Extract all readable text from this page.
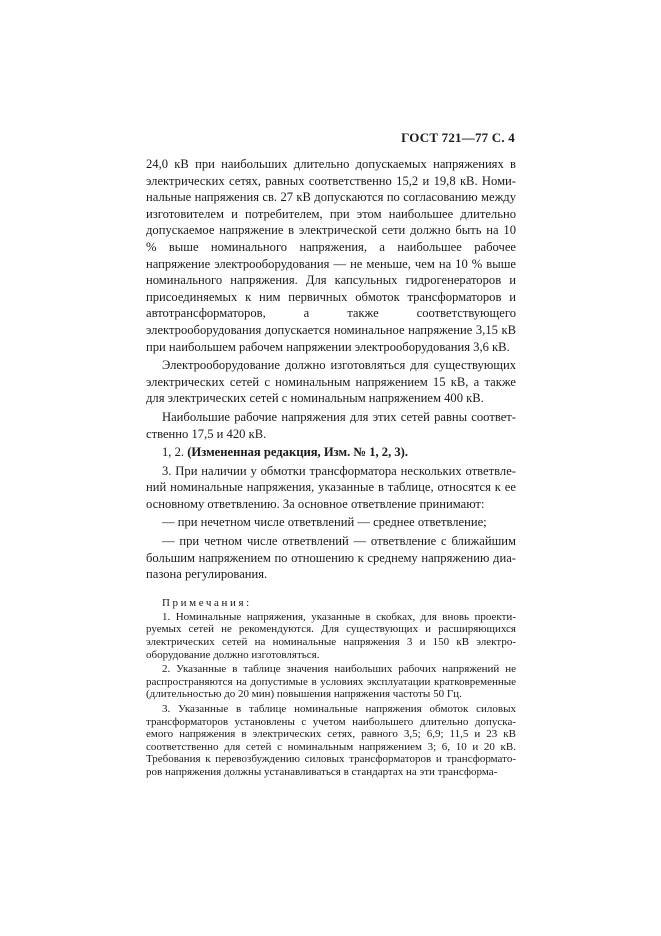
ГОСТ 721—77 С. 4

24,0 кВ при наибольших длительно допускаемых напряжениях в электрических сетях, равных соответственно 15,2 и 19,8 кВ. Номинальные напряжения св. 27 кВ допускаются по согласованию между изготовителем и потребителем, при этом наибольшее длительно допускаемое напряжение в электрической сети должно быть на 10 % выше номинального напряжения, а наибольшее рабочее напряжение электрооборудования — не меньше, чем на 10 % выше номинального напряжения. Для капсульных гидрогенераторов и присоединяемых к ним первичных обмоток трансформаторов и автотрансформаторов, а также соответствующего электрооборудования допускается номинальное напряжение 3,15 кВ при наибольшем рабочем напряжении электрооборудования 3,6 кВ.

Электрооборудование должно изготовляться для существующих электрических сетей с номинальным напряжением 15 кВ, а также для электрических сетей с номинальным напряжением 400 кВ.

Наибольшие рабочие напряжения для этих сетей равны соответственно 17,5 и 420 кВ.

1, 2. (Измененная редакция, Изм. № 1, 2, 3).

3. При наличии у обмотки трансформатора нескольких ответвлений номинальные напряжения, указанные в таблице, относятся к ее основному ответвлению. За основное ответвление принимают:

— при нечетном числе ответвлений — среднее ответвление;

— при четном числе ответвлений — ответвление с ближайшим большим напряжением по отношению к среднему напряжению диапазона регулирования.

Примечания:

1. Номинальные напряжения, указанные в скобках, для вновь проектируемых сетей не рекомендуются. Для существующих и расширяющихся электрических сетей на номинальные напряжения 3 и 150 кВ электрооборудование должно изготовляться.

2. Указанные в таблице значения наибольших рабочих напряжений не распространяются на допустимые в условиях эксплуатации кратковременные (длительностью до 20 мин) повышения напряжения частоты 50 Гц.

3. Указанные в таблице номинальные напряжения обмоток силовых трансформаторов установлены с учетом наибольшего длительно допускаемого напряжения в электрических сетях, равного 3,5; 6,9; 11,5 и 23 кВ соответственно для сетей с номинальным напряжением 3; 6, 10 и 20 кВ. Требования к перевозбуждению силовых трансформаторов и трансформаторов напряжения должны устанавливаться в стандартах на эти трансформа-
